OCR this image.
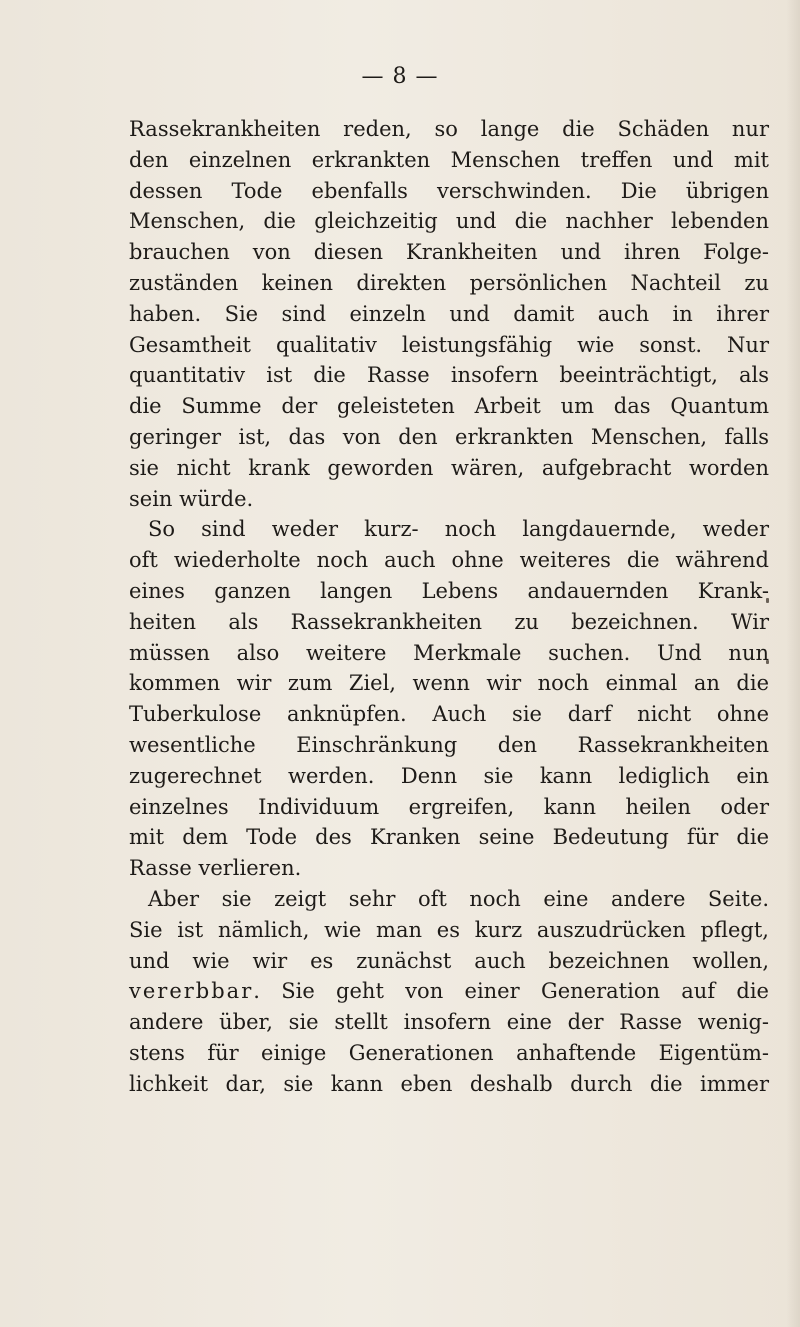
— 8 —
Rassekrankheiten reden, so lange die Schäden nur
den einzelnen erkrankten Menschen treffen und mit
dessen Tode ebenfalls verschwinden. Die übrigen
Menschen, die gleichzeitig und die nachher lebenden
brauchen von diesen Krankheiten und ihren Folge-
zuständen keinen direkten persönlichen Nachteil zu
haben. Sie sind einzeln und damit auch in ihrer
Gesamtheit qualitativ leistungsfähig wie sonst. Nur
quantitativ ist die Rasse insofern beeinträchtigt, als
die Summe der geleisteten Arbeit um das Quantum
geringer ist, das von den erkrankten Menschen, falls
sie nicht krank geworden wären, aufgebracht worden
sein würde.
So sind weder kurz- noch langdauernde, weder
oft wiederholte noch auch ohne weiteres die während
eines ganzen langen Lebens andauernden Krank-
heiten als Rassekrankheiten zu bezeichnen. Wir
müssen also weitere Merkmale suchen. Und nun
kommen wir zum Ziel, wenn wir noch einmal an die
Tuberkulose anknüpfen. Auch sie darf nicht ohne
wesentliche Einschränkung den Rassekrankheiten
zugerechnet werden. Denn sie kann lediglich ein
einzelnes Individuum ergreifen, kann heilen oder
mit dem Tode des Kranken seine Bedeutung für die
Rasse verlieren.
Aber sie zeigt sehr oft noch eine andere Seite.
Sie ist nämlich, wie man es kurz auszudrücken pflegt,
und wie wir es zunächst auch bezeichnen wollen,
vererbbar. Sie geht von einer Generation auf die
andere über, sie stellt insofern eine der Rasse wenig-
stens für einige Generationen anhaftende Eigentüm-
lichkeit dar, sie kann eben deshalb durch die immer
